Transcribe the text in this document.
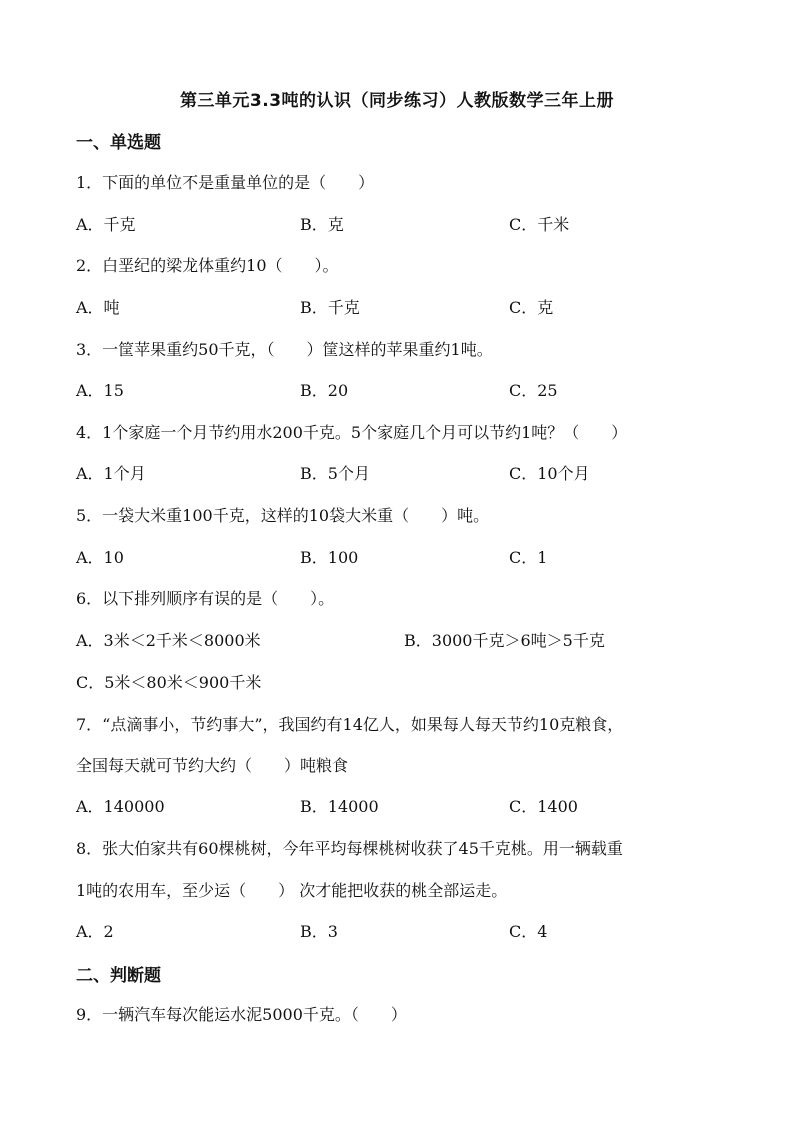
第三单元3.3吨的认识（同步练习）人教版数学三年上册
一、单选题
1．下面的单位不是重量单位的是（　　）
A．千克	B．克	C．千米
2．白垩纪的梁龙体重约10（　　）。
A．吨	B．千克	C．克
3．一筐苹果重约50千克，（　　）筐这样的苹果重约1吨。
A．15	B．20	C．25
4．1个家庭一个月节约用水200千克。5个家庭几个月可以节约1吨？（　　）
A．1个月	B．5个月	C．10个月
5．一袋大米重100千克，这样的10袋大米重（　　）吨。
A．10	B．100	C．1
6．以下排列顺序有误的是（　　）。
A．3米＜2千米＜8000米	B．3000千克＞6吨＞5千克
C．5米＜80米＜900千米
7．“点滴事小，节约事大”，我国约有14亿人，如果每人每天节约10克粮食，
全国每天就可节约大约（　　）吨粮食
A．140000	B．14000	C．1400
8．张大伯家共有60棵桃树，今年平均每棵桃树收获了45千克桃。用一辆载重
1吨的农用车，至少运（　　） 次才能把收获的桃全部运走。
A．2	B．3	C．4
二、判断题
9．一辆汽车每次能运水泥5000千克。（　　）
